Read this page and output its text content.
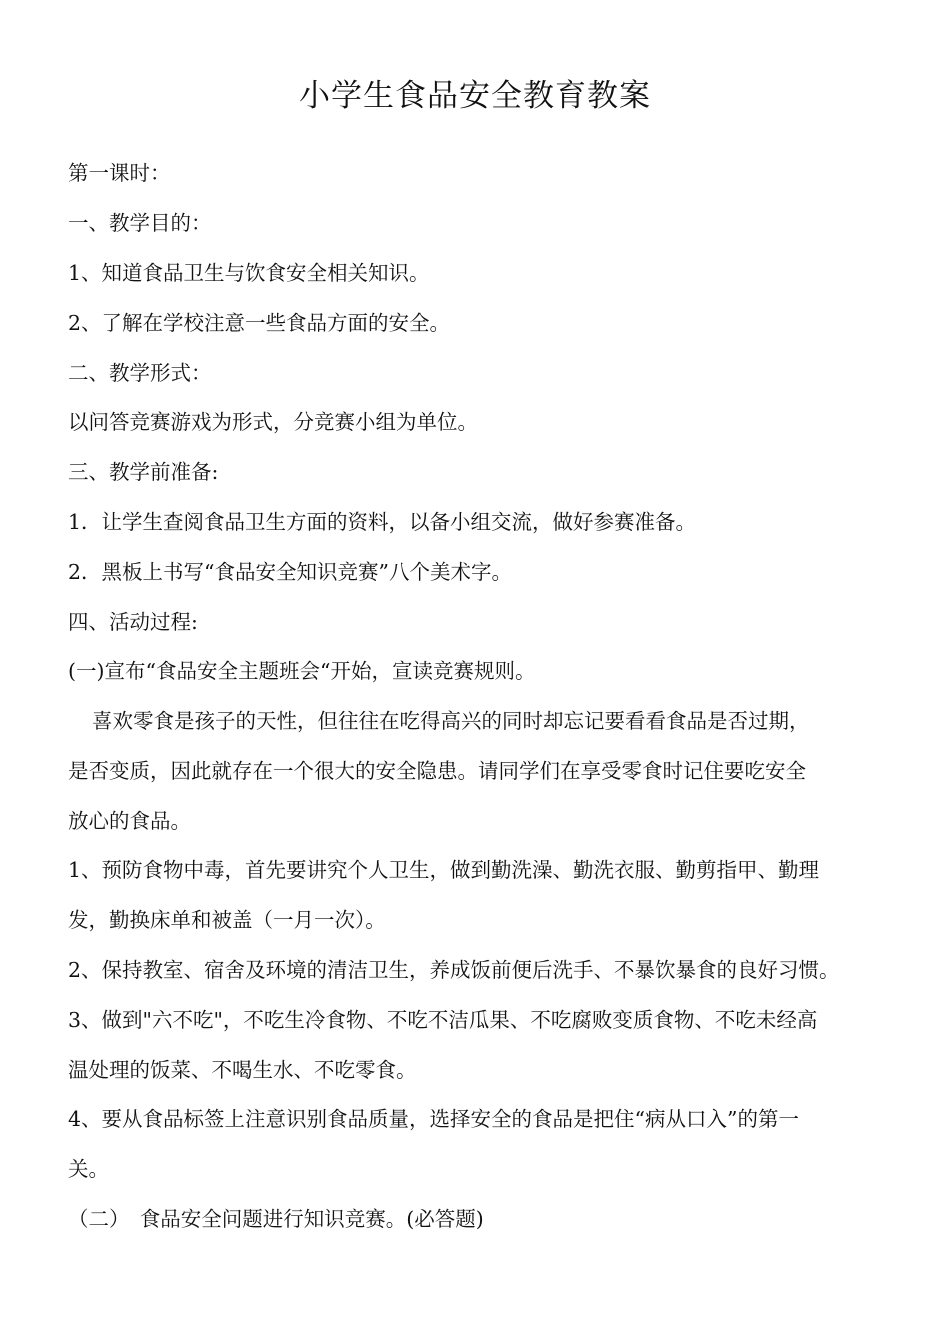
小学生食品安全教育教案
第一课时：
一、教学目的：
1、知道食品卫生与饮食安全相关知识。
2、了解在学校注意一些食品方面的安全。
二、教学形式：
以问答竞赛游戏为形式，分竞赛小组为单位。
三、教学前准备:
1．让学生查阅食品卫生方面的资料，以备小组交流，做好参赛准备。
2．黑板上书写“食品安全知识竞赛”八个美术字。
四、活动过程:
(一)宣布“食品安全主题班会“开始，宣读竞赛规则。
喜欢零食是孩子的天性，但往往在吃得高兴的同时却忘记要看看食品是否过期，
是否变质，因此就存在一个很大的安全隐患。请同学们在享受零食时记住要吃安全
放心的食品。
1、预防食物中毒，首先要讲究个人卫生，做到勤洗澡、勤洗衣服、勤剪指甲、勤理
发，勤换床单和被盖（一月一次）。
2、保持教室、宿舍及环境的清洁卫生，养成饭前便后洗手、不暴饮暴食的良好习惯。
3、做到"六不吃"，不吃生冷食物、不吃不洁瓜果、不吃腐败变质食物、不吃未经高
温处理的饭菜、不喝生水、不吃零食。
4、要从食品标签上注意识别食品质量，选择安全的食品是把住“病从口入”的第一
关。
（二）　食品安全问题进行知识竞赛。(必答题)
